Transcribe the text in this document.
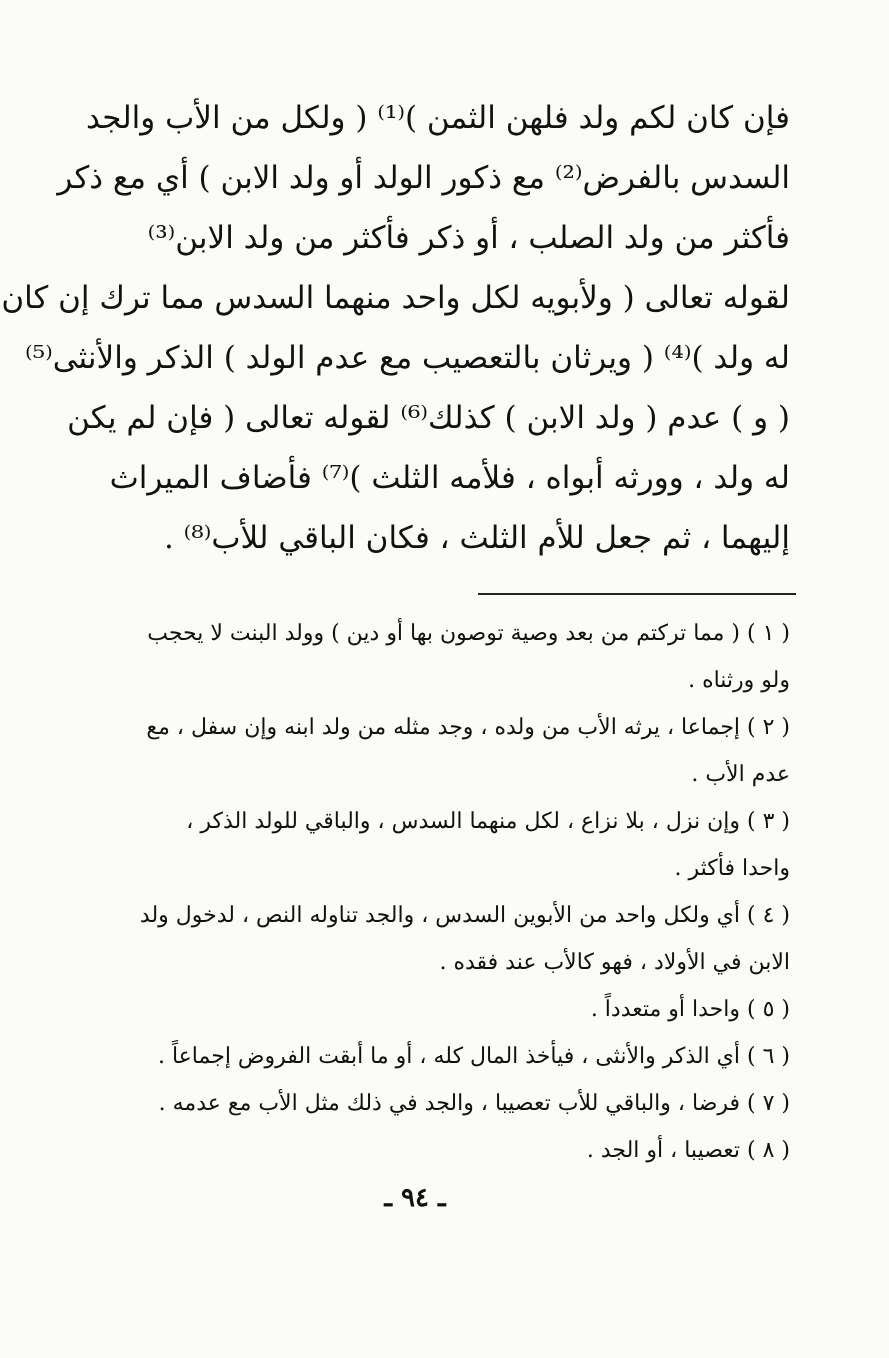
فإن كان لكم ولد فلهن الثمن )⁽¹⁾ ( ولكل من الأب والجد
السدس بالفرض⁽²⁾ مع ذكور الولد أو ولد الابن ) أي مع ذكر
فأكثر من ولد الصلب ، أو ذكر فأكثر من ولد الابن⁽³⁾
لقوله تعالى ( ولأبويه لكل واحد منهما السدس مما ترك إن كان
له ولد )⁽⁴⁾ ( ويرثان بالتعصيب مع عدم الولد ) الذكر والأنثى⁽⁵⁾
( و ) عدم ( ولد الابن ) كذلك⁽⁶⁾ لقوله تعالى ( فإن لم يكن
له ولد ، وورثه أبواه ، فلأمه الثلث )⁽⁷⁾ فأضاف الميراث
إليهما ، ثم جعل للأم الثلث ، فكان الباقي للأب⁽⁸⁾ .
( ١ ) ( مما تركتم من بعد وصية توصون بها أو دين ) وولد البنت لا يحجب
ولو ورثناه .
( ٢ ) إجماعا ، يرثه الأب من ولده ، وجد مثله من ولد ابنه وإن سفل ، مع
عدم الأب .
( ٣ ) وإن نزل ، بلا نزاع ، لكل منهما السدس ، والباقي للولد الذكر ،
واحدا فأكثر .
( ٤ ) أي ولكل واحد من الأبوين السدس ، والجد تناوله النص ، لدخول ولد
الابن في الأولاد ، فهو كالأب عند فقده .
( ٥ ) واحدا أو متعدداً .
( ٦ ) أي الذكر والأنثى ، فيأخذ المال كله ، أو ما أبقت الفروض إجماعاً .
( ٧ ) فرضا ، والباقي للأب تعصيبا ، والجد في ذلك مثل الأب مع عدمه .
( ٨ ) تعصيبا ، أو الجد .
ـ ٩٤ ـ
